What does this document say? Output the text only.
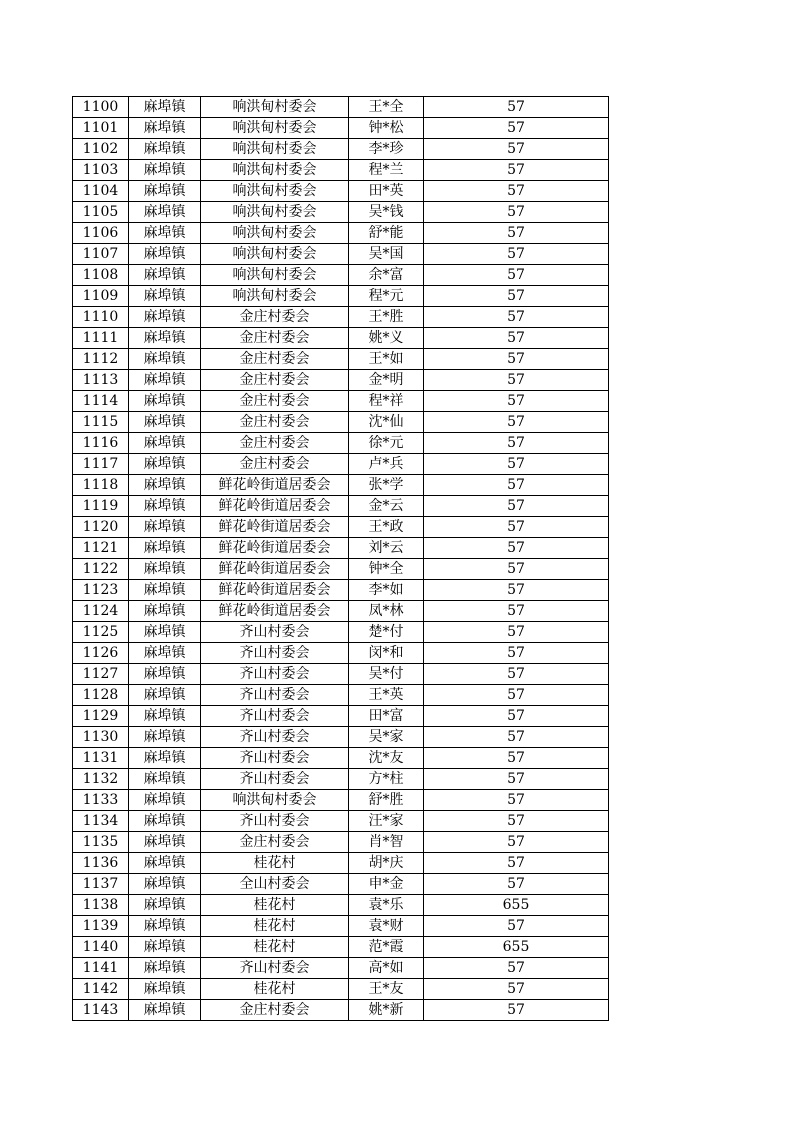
1100	麻埠镇	响洪甸村委会	王*全	57
1101	麻埠镇	响洪甸村委会	钟*松	57
1102	麻埠镇	响洪甸村委会	李*珍	57
1103	麻埠镇	响洪甸村委会	程*兰	57
1104	麻埠镇	响洪甸村委会	田*英	57
1105	麻埠镇	响洪甸村委会	吴*钱	57
1106	麻埠镇	响洪甸村委会	舒*能	57
1107	麻埠镇	响洪甸村委会	吴*国	57
1108	麻埠镇	响洪甸村委会	余*富	57
1109	麻埠镇	响洪甸村委会	程*元	57
1110	麻埠镇	金庄村委会	王*胜	57
1111	麻埠镇	金庄村委会	姚*义	57
1112	麻埠镇	金庄村委会	王*如	57
1113	麻埠镇	金庄村委会	金*明	57
1114	麻埠镇	金庄村委会	程*祥	57
1115	麻埠镇	金庄村委会	沈*仙	57
1116	麻埠镇	金庄村委会	徐*元	57
1117	麻埠镇	金庄村委会	卢*兵	57
1118	麻埠镇	鲜花岭街道居委会	张*学	57
1119	麻埠镇	鲜花岭街道居委会	金*云	57
1120	麻埠镇	鲜花岭街道居委会	王*政	57
1121	麻埠镇	鲜花岭街道居委会	刘*云	57
1122	麻埠镇	鲜花岭街道居委会	钟*全	57
1123	麻埠镇	鲜花岭街道居委会	李*如	57
1124	麻埠镇	鲜花岭街道居委会	凤*林	57
1125	麻埠镇	齐山村委会	楚*付	57
1126	麻埠镇	齐山村委会	闵*和	57
1127	麻埠镇	齐山村委会	吴*付	57
1128	麻埠镇	齐山村委会	王*英	57
1129	麻埠镇	齐山村委会	田*富	57
1130	麻埠镇	齐山村委会	吴*家	57
1131	麻埠镇	齐山村委会	沈*友	57
1132	麻埠镇	齐山村委会	方*柱	57
1133	麻埠镇	响洪甸村委会	舒*胜	57
1134	麻埠镇	齐山村委会	汪*家	57
1135	麻埠镇	金庄村委会	肖*智	57
1136	麻埠镇	桂花村	胡*庆	57
1137	麻埠镇	全山村委会	申*金	57
1138	麻埠镇	桂花村	袁*乐	655
1139	麻埠镇	桂花村	袁*财	57
1140	麻埠镇	桂花村	范*霞	655
1141	麻埠镇	齐山村委会	高*如	57
1142	麻埠镇	桂花村	王*友	57
1143	麻埠镇	金庄村委会	姚*新	57
